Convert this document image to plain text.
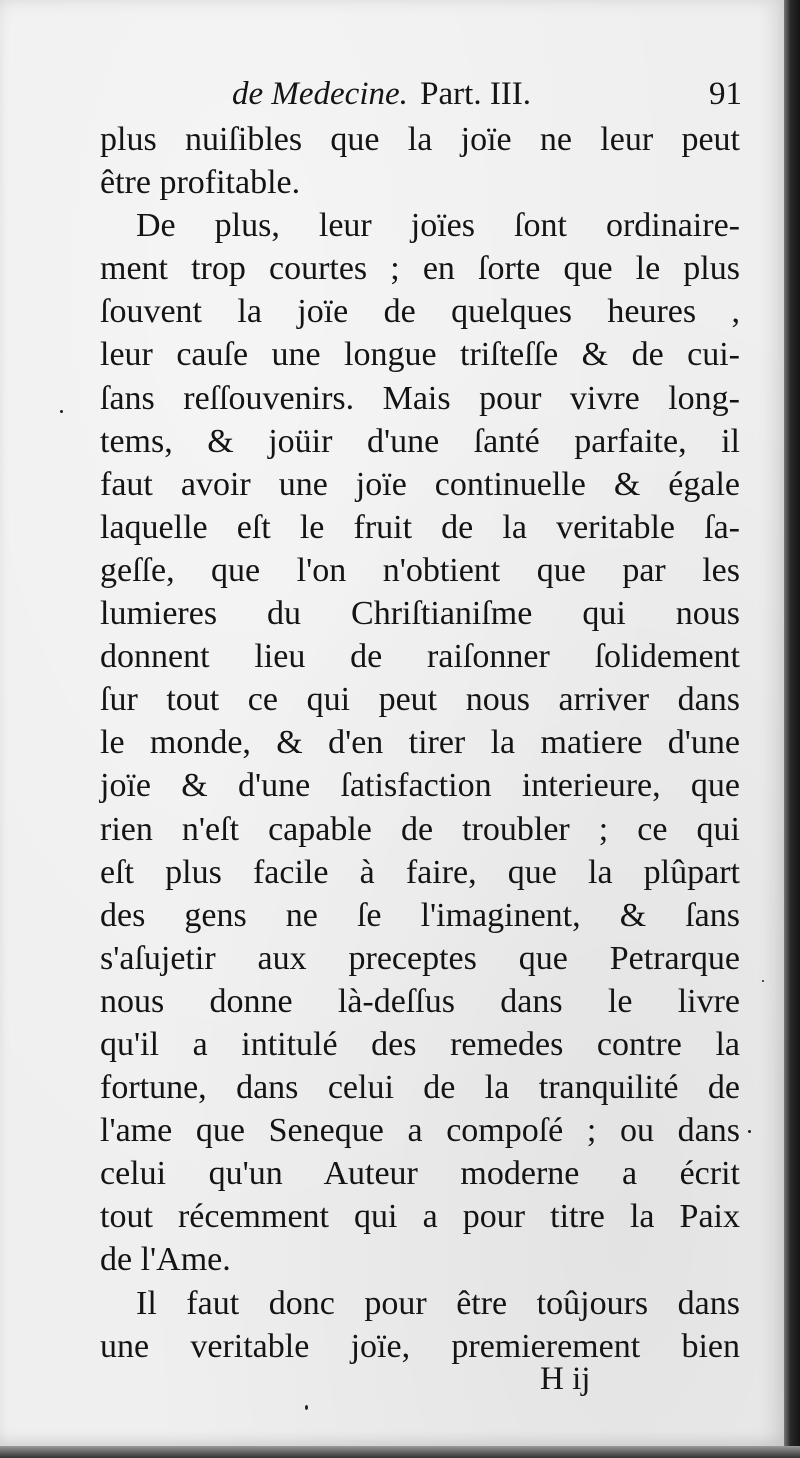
de Medecine. Part. III.	91
plus nuiſibles que la joïe ne leur peut
être profitable.
De plus, leur joïes ſont ordinaire-
ment trop courtes ; en ſorte que le plus
ſouvent la joïe de quelques heures ,
leur cauſe une longue triſteſſe & de cui-
ſans reſſouvenirs. Mais pour vivre long-
tems, & joüir d'une ſanté parfaite, il
faut avoir une joïe continuelle & égale
laquelle eſt le fruit de la veritable ſa-
geſſe, que l'on n'obtient que par les
lumieres du Chriſtianiſme qui nous
donnent lieu de raiſonner ſolidement
ſur tout ce qui peut nous arriver dans
le monde, & d'en tirer la matiere d'une
joïe & d'une ſatisfaction interieure, que
rien n'eſt capable de troubler ; ce qui
eſt plus facile à faire, que la plûpart
des gens ne ſe l'imaginent, & ſans
s'aſujetir aux preceptes que Petrarque
nous donne là-deſſus dans le livre
qu'il a intitulé des remedes contre la
fortune, dans celui de la tranquilité de
l'ame que Seneque a compoſé ; ou dans
celui qu'un Auteur moderne a écrit
tout récemment qui a pour titre la Paix
de l'Ame.
Il faut donc pour être toûjours dans
une veritable joïe, premierement bien
H ij
